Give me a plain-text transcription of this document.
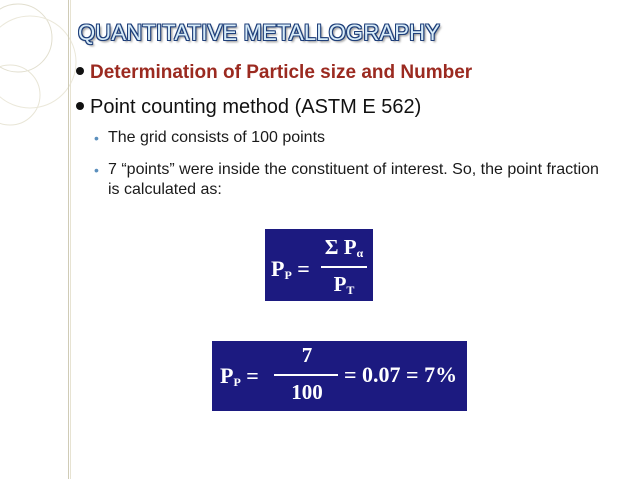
QUANTITATIVE METALLOGRAPHY
Determination of Particle size and Number
Point counting method (ASTM E 562)
• The grid consists of 100 points
• 7 “points” were inside the constituent of interest. So, the point fraction is calculated as:
$P_P$ =
Σ $P_\alpha$
$P_T$
$P_P$ =
7
100
= 0.07 = 7%
